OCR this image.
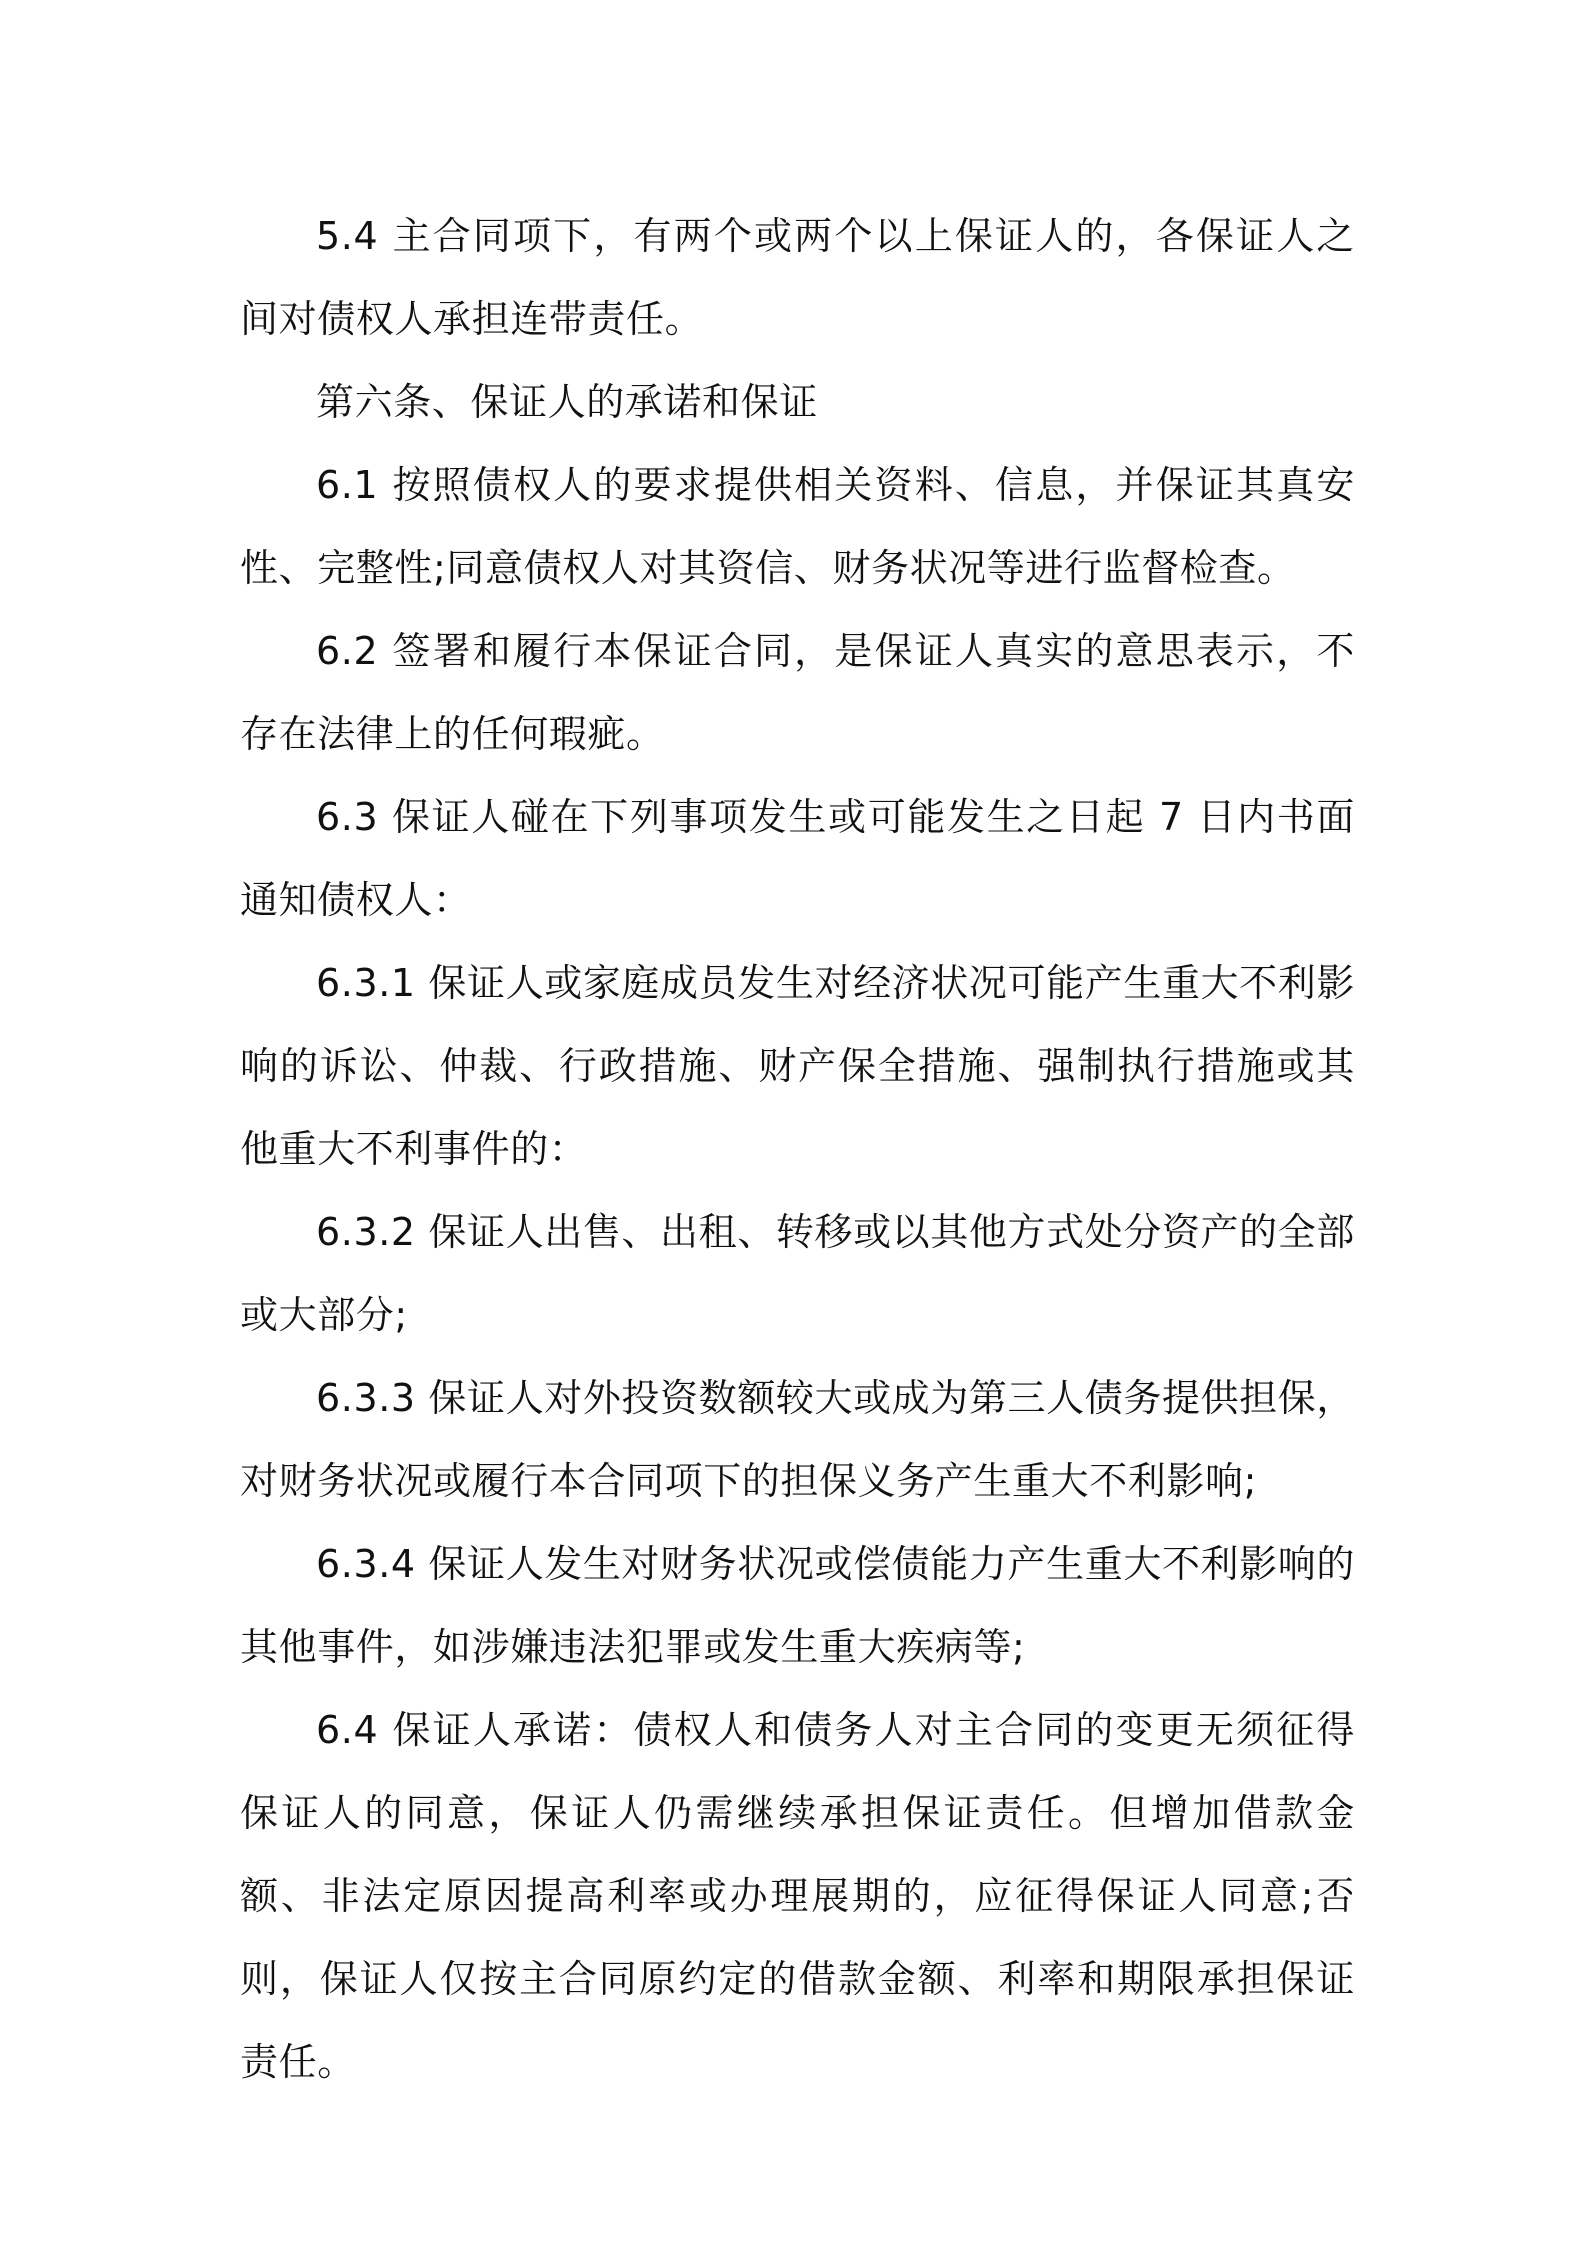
5.4 主合同项下，有两个或两个以上保证人的，各保证人之间对债权人承担连带责任。

第六条、保证人的承诺和保证

6.1 按照债权人的要求提供相关资料、信息，并保证其真安性、完整性;同意债权人对其资信、财务状况等进行监督检查。

6.2 签署和履行本保证合同，是保证人真实的意思表示，不存在法律上的任何瑕疵。

6.3 保证人碰在下列事项发生或可能发生之日起 7 日内书面通知债权人：

6.3.1 保证人或家庭成员发生对经济状况可能产生重大不利影响的诉讼、仲裁、行政措施、财产保全措施、强制执行措施或其他重大不利事件的：

6.3.2 保证人出售、出租、转移或以其他方式处分资产的全部或大部分;

6.3.3 保证人对外投资数额较大或成为第三人债务提供担保，对财务状况或履行本合同项下的担保义务产生重大不利影响;

6.3.4 保证人发生对财务状况或偿债能力产生重大不利影响的其他事件，如涉嫌违法犯罪或发生重大疾病等;

6.4 保证人承诺：债权人和债务人对主合同的变更无须征得保证人的同意，保证人仍需继续承担保证责任。但增加借款金额、非法定原因提高利率或办理展期的，应征得保证人同意;否则，保证人仅按主合同原约定的借款金额、利率和期限承担保证责任。
